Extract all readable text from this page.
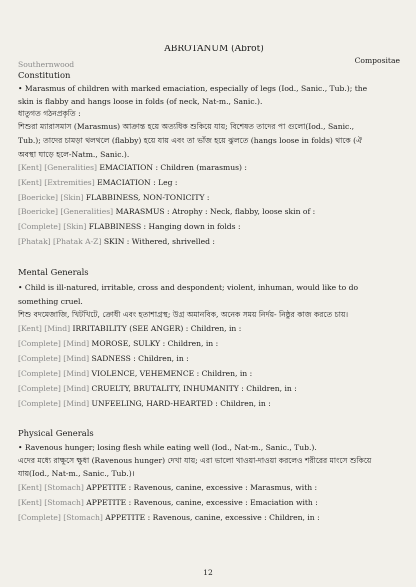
ABROTANUM (Abrot)
Compositae
Southernwood
Constitution
• Marasmus of children with marked emaciation, especially of legs (Iod., Sanic., Tub.); the
skin is flabby and hangs loose in folds (of neck, Nat-m., Sanic.).
ধাতুগত গঠনপ্রকৃতি :
শিশুরা ম্যারাসমাস (Marasmus) আক্রান্ত হয়ে অত্যধিক শুকিয়ে যায়; বিশেষত তাদের পা গুলো(Iod., Sanic.,
Tub.); তাদের চামড়া থলথলে (flabby) হয়ে যায় এবং তা ভাঁজ হয়ে ঝুলতে (hangs loose in folds) থাকে (ঐ
অবস্থা ঘাড়ে হলে-Natm., Sanic.).
[Kent] [Generalities] EMACIATION : Children (marasmus) :
[Kent] [Extremities] EMACIATION : Leg :
[Boericke] [Skin] FLABBINESS, NON-TONICITY :
[Boericke] [Generalities] MARASMUS : Atrophy : Neck, flabby, loose skin of :
[Complete] [Skin] FLABBINESS : Hanging down in folds :
[Phatak] [Phatak A-Z] SKIN : Withered, shrivelled :
Mental Generals
• Child is ill-natured, irritable, cross and despondent; violent, inhuman, would like to do
something cruel.
শিশু বদমেজাজি, খিটখিটে, ক্রোধী এবং হতাশাগ্রস্থ; উগ্র অমানবিক, অনেক সময় নির্দয়- নিষ্ঠুর কাজ করতে চায়।
[Kent] [Mind] IRRITABILITY (SEE ANGER) : Children, in :
[Complete] [Mind] MOROSE, SULKY : Children, in :
[Complete] [Mind] SADNESS : Children, in :
[Complete] [Mind] VIOLENCE, VEHEMENCE : Children, in :
[Complete] [Mind] CRUELTY, BRUTALITY, INHUMANITY : Children, in :
[Complete] [Mind] UNFEELING, HARD-HEARTED : Children, in :
Physical Generals
• Ravenous hunger; losing flesh while eating well (Iod., Nat-m., Sanic., Tub.).
এদের মধ্যে রাক্ষুসে ক্ষুধা (Ravenous hunger) দেখা যায়; এরা ভালো খাওয়া-দাওয়া করলেও শরীরের মাংসে শুকিয়ে
যায়(Iod., Nat-m., Sanic., Tub.)।
[Kent] [Stomach] APPETITE : Ravenous, canine, excessive : Marasmus, with :
[Kent] [Stomach] APPETITE : Ravenous, canine, excessive : Emaciation with :
[Complete] [Stomach] APPETITE : Ravenous, canine, excessive : Children, in :
12
